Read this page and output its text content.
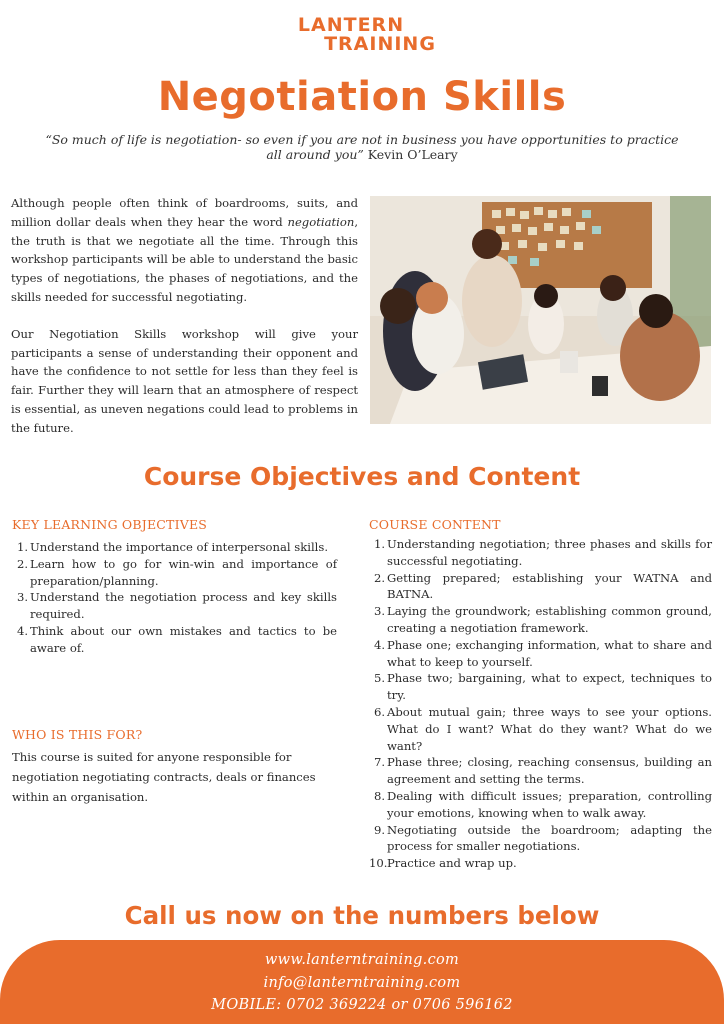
LANTERN
TRAINING
Negotiation Skills
“So much of life is negotiation- so even if you are not in business you have opportunities to practice all around you” Kevin O’Leary

Although people often think of boardrooms, suits, and million dollar deals when they hear the word negotiation, the truth is that we negotiate all the time. Through this workshop participants will be able to understand the basic types of negotiations, the phases of negotiations, and the skills needed for successful negotiating.

Our Negotiation Skills workshop will give your participants a sense of understanding their opponent and have the confidence to not settle for less than they feel is fair. Further they will learn that an atmosphere of respect is essential, as uneven negations could lead to problems in the future.

Course Objectives and Content
KEY LEARNING OBJECTIVES
1. Understand the importance of interpersonal skills.
2. Learn how to go for win-win and importance of preparation/planning.
3. Understand the negotiation process and key skills required.
4. Think about our own mistakes and tactics to be aware of.
WHO IS THIS FOR?

This course is suited for anyone responsible for negotiation negotiating contracts, deals or finances within an organisation.

COURSE CONTENT
1. Understanding negotiation; three phases and skills for successful negotiating.
2. Getting prepared; establishing your WATNA and BATNA.
3. Laying the groundwork; establishing common ground, creating a negotiation framework.
4. Phase one; exchanging information, what to share and what to keep to yourself.
5. Phase two; bargaining, what to expect, techniques to try.
6. About mutual gain; three ways to see your options. What do I want? What do they want? What do we want?
7. Phase three; closing, reaching consensus, building an agreement and setting the terms.
8. Dealing with difficult issues; preparation, controlling your emotions, knowing when to walk away.
9. Negotiating outside the boardroom; adapting the process for smaller negotiations.
10. Practice and wrap up.
Call us now on the numbers below
www.lanterntraining.com
info@lanterntraining.com
MOBILE: 0702 369224 or 0706 596162
